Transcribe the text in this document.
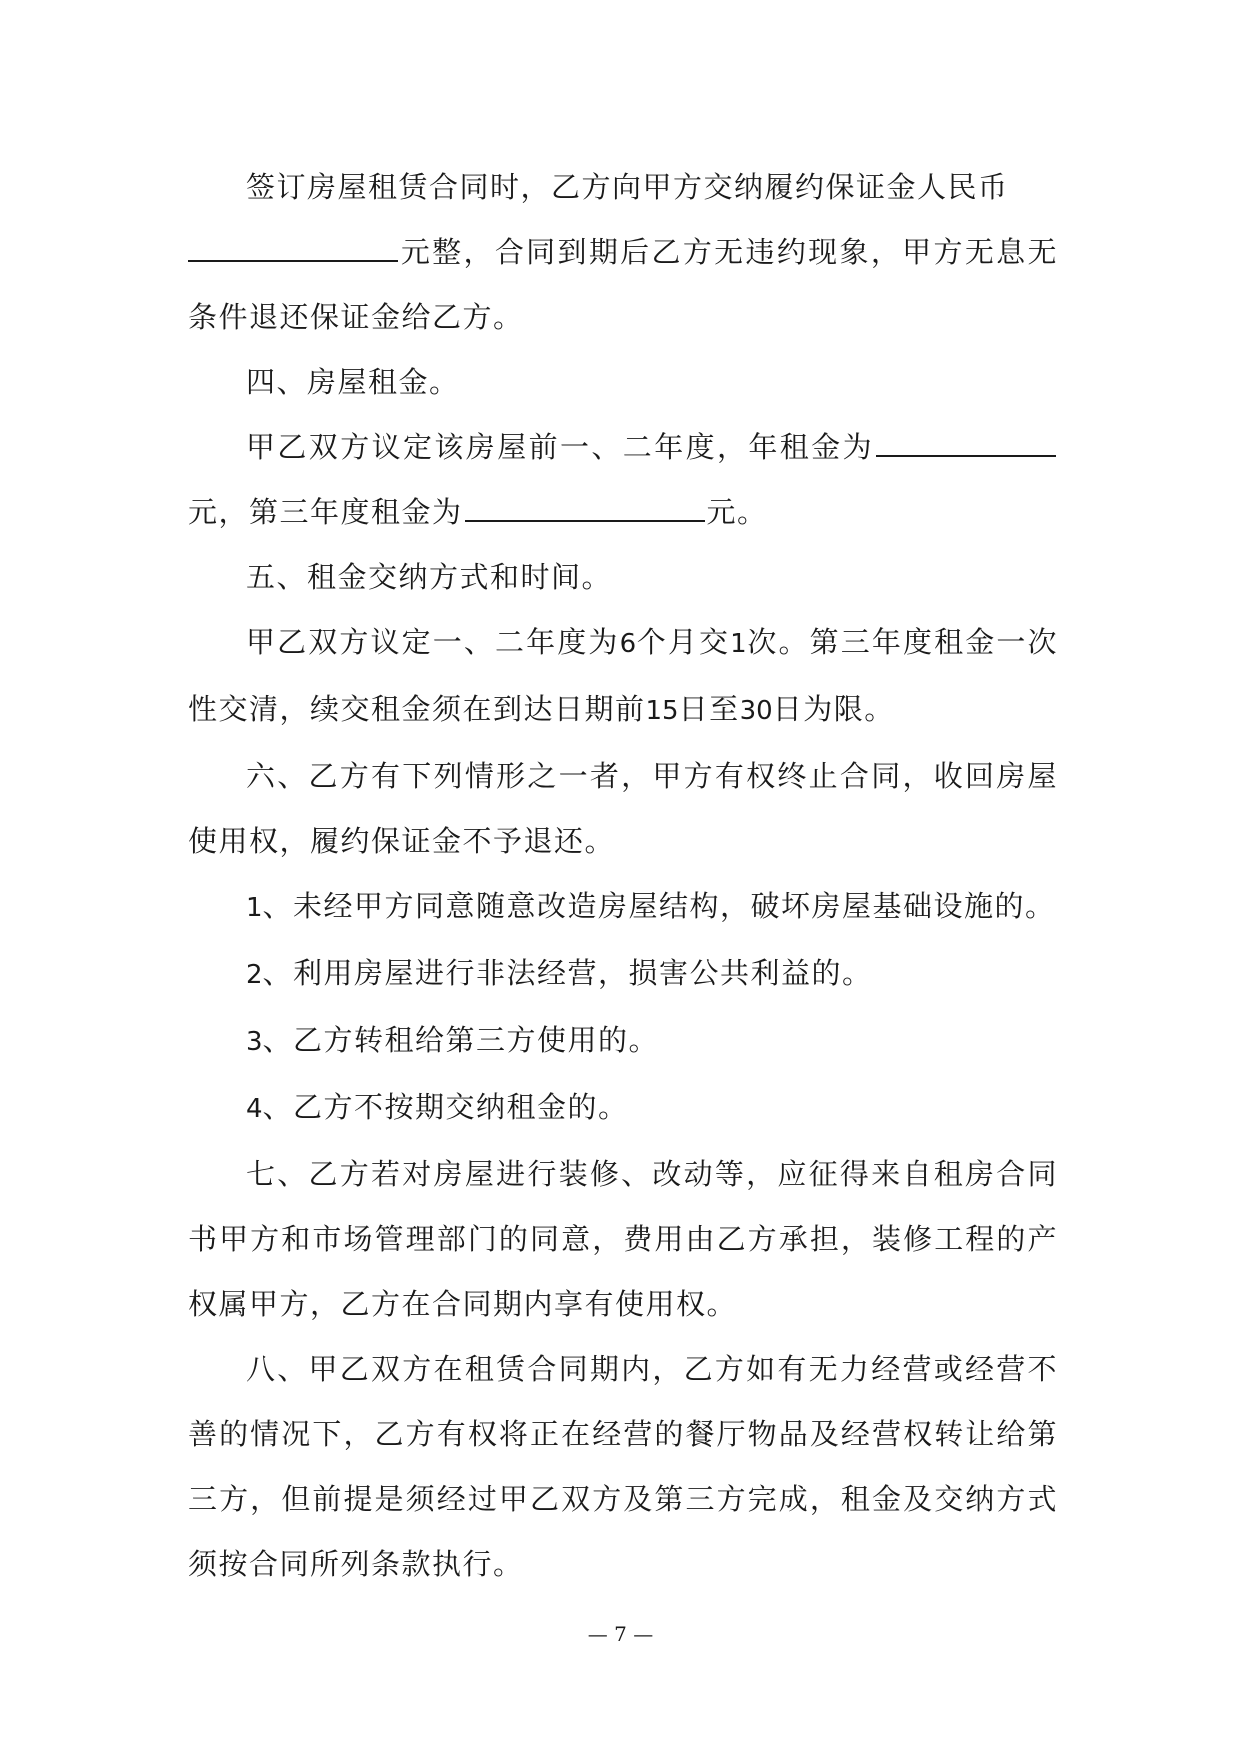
签订房屋租赁合同时，乙方向甲方交纳履约保证金人民币
元整，合同到期后乙方无违约现象，甲方无息无条件退还保证金给乙方。

四、房屋租金。

甲乙双方议定该房屋前一、二年度，年租金为元，第三年度租金为	元。

五、租金交纳方式和时间。

甲乙双方议定一、二年度为6个月交1次。第三年度租金一次性交清，续交租金须在到达日期前15日至30日为限。

六、乙方有下列情形之一者，甲方有权终止合同，收回房屋使用权，履约保证金不予退还。

1、未经甲方同意随意改造房屋结构，破坏房屋基础设施的。

2、利用房屋进行非法经营，损害公共利益的。

3、乙方转租给第三方使用的。

4、乙方不按期交纳租金的。

七、乙方若对房屋进行装修、改动等，应征得来自租房合同书甲方和市场管理部门的同意，费用由乙方承担，装修工程的产权属甲方，乙方在合同期内享有使用权。

八、甲乙双方在租赁合同期内，乙方如有无力经营或经营不善的情况下，乙方有权将正在经营的餐厅物品及经营权转让给第三方，但前提是须经过甲乙双方及第三方完成，租金及交纳方式须按合同所列条款执行。

— 7 —
